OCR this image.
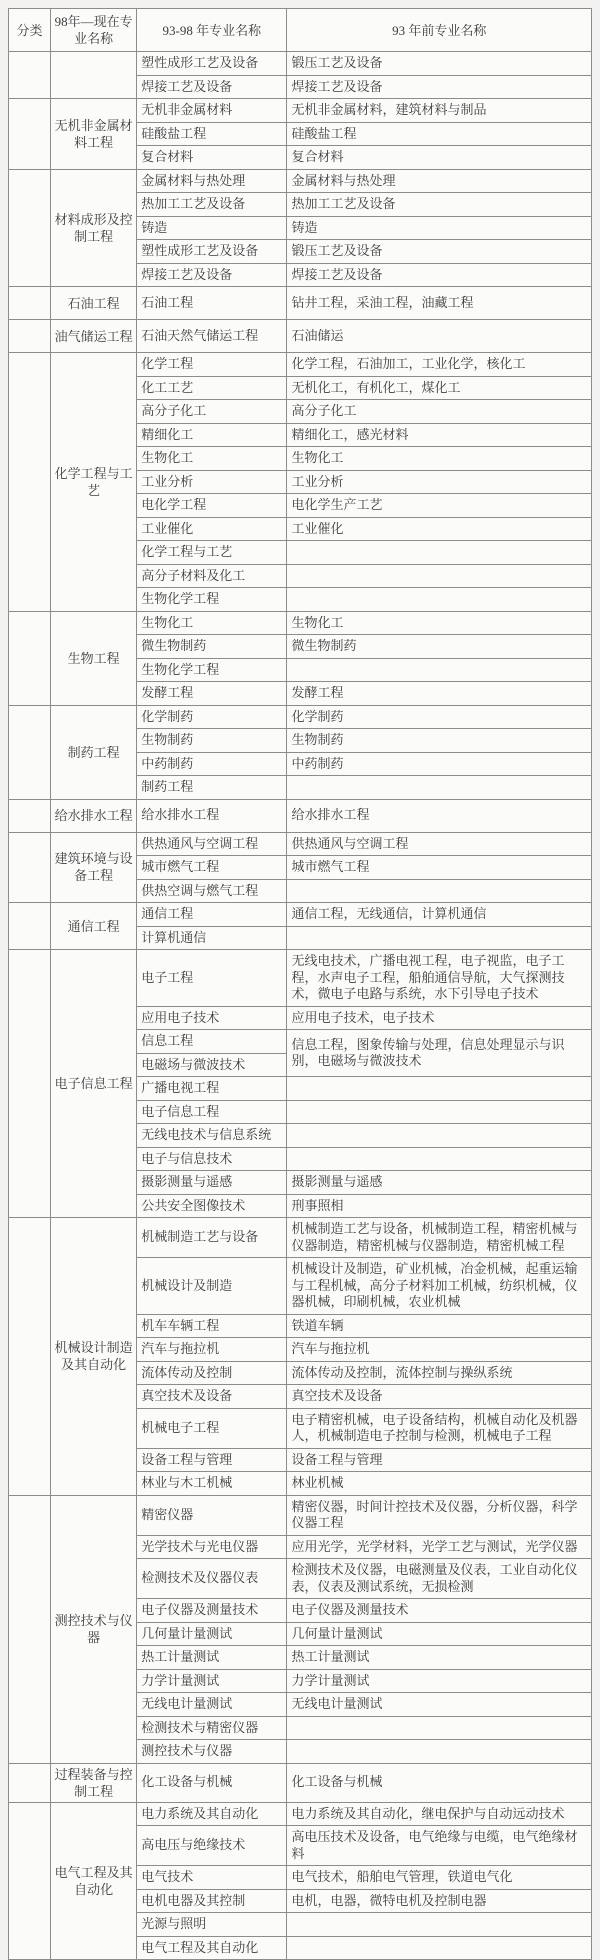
分类	98年—现在专业名称	93-98 年专业名称	93 年前专业名称
		塑性成形工艺及设备	锻压工艺及设备
		焊接工艺及设备	焊接工艺及设备
	无机非金属材料工程	无机非金属材料	无机非金属材料，建筑材料与制品
		硅酸盐工程	硅酸盐工程
		复合材料	复合材料
	材料成形及控制工程	金属材料与热处理	金属材料与热处理
		热加工工艺及设备	热加工工艺及设备
		铸造	铸造
		塑性成形工艺及设备	锻压工艺及设备
		焊接工艺及设备	焊接工艺及设备
	石油工程	石油工程	钻井工程，采油工程，油藏工程
	油气储运工程	石油天然气储运工程	石油储运
	化学工程与工艺	化学工程	化学工程，石油加工，工业化学，核化工
		化工工艺	无机化工，有机化工，煤化工
		高分子化工	高分子化工
		精细化工	精细化工，感光材料
		生物化工	生物化工
		工业分析	工业分析
		电化学工程	电化学生产工艺
		工业催化	工业催化
		化学工程与工艺	
		高分子材料及化工	
		生物化学工程	
	生物工程	生物化工	生物化工
		微生物制药	微生物制药
		生物化学工程	
		发酵工程	发酵工程
	制药工程	化学制药	化学制药
		生物制药	生物制药
		中药制药	中药制药
		制药工程	
	给水排水工程	给水排水工程	给水排水工程
	建筑环境与设备工程	供热通风与空调工程	供热通风与空调工程
		城市燃气工程	城市燃气工程
		供热空调与燃气工程	
	通信工程	通信工程	通信工程，无线通信，计算机通信
		计算机通信	
	电子信息工程	电子工程	无线电技术，广播电视工程，电子视监，电子工程，水声电子工程，船舶通信导航，大气探测技术，微电子电路与系统，水下引导电子技术
		应用电子技术	应用电子技术，电子技术
		信息工程	信息工程，图象传输与处理，信息处理显示与识别，电磁场与微波技术
		电磁场与微波技术	
		广播电视工程	
		电子信息工程	
		无线电技术与信息系统	
		电子与信息技术	
		摄影测量与遥感	摄影测量与遥感
		公共安全图像技术	刑事照相
	机械设计制造及其自动化	机械制造工艺与设备	机械制造工艺与设备，机械制造工程，精密机械与仪器制造，精密机械与仪器制造，精密机械工程
		机械设计及制造	机械设计及制造，矿业机械，冶金机械，起重运输与工程机械，高分子材料加工机械，纺织机械，仪器机械，印刷机械，农业机械
		机车车辆工程	铁道车辆
		汽车与拖拉机	汽车与拖拉机
		流体传动及控制	流体传动及控制，流体控制与操纵系统
		真空技术及设备	真空技术及设备
		机械电子工程	电子精密机械，电子设备结构，机械自动化及机器人，机械制造电子控制与检测，机械电子工程
		设备工程与管理	设备工程与管理
		林业与木工机械	林业机械
	测控技术与仪器	精密仪器	精密仪器，时间计控技术及仪器，分析仪器，科学仪器工程
		光学技术与光电仪器	应用光学，光学材料，光学工艺与测试，光学仪器
		检测技术及仪器仪表	检测技术及仪器，电磁测量及仪表，工业自动化仪表，仪表及测试系统，无损检测
		电子仪器及测量技术	电子仪器及测量技术
		几何量计量测试	几何量计量测试
		热工计量测试	热工计量测试
		力学计量测试	力学计量测试
		无线电计量测试	无线电计量测试
		检测技术与精密仪器	
		测控技术与仪器	
	过程装备与控制工程	化工设备与机械	化工设备与机械
	电气工程及其自动化	电力系统及其自动化	电力系统及其自动化，继电保护与自动远动技术
		高电压与绝缘技术	高电压技术及设备，电气绝缘与电缆，电气绝缘材料
		电气技术	电气技术，船舶电气管理，铁道电气化
		电机电器及其控制	电机，电器，微特电机及控制电器
		光源与照明	
		电气工程及其自动化	
